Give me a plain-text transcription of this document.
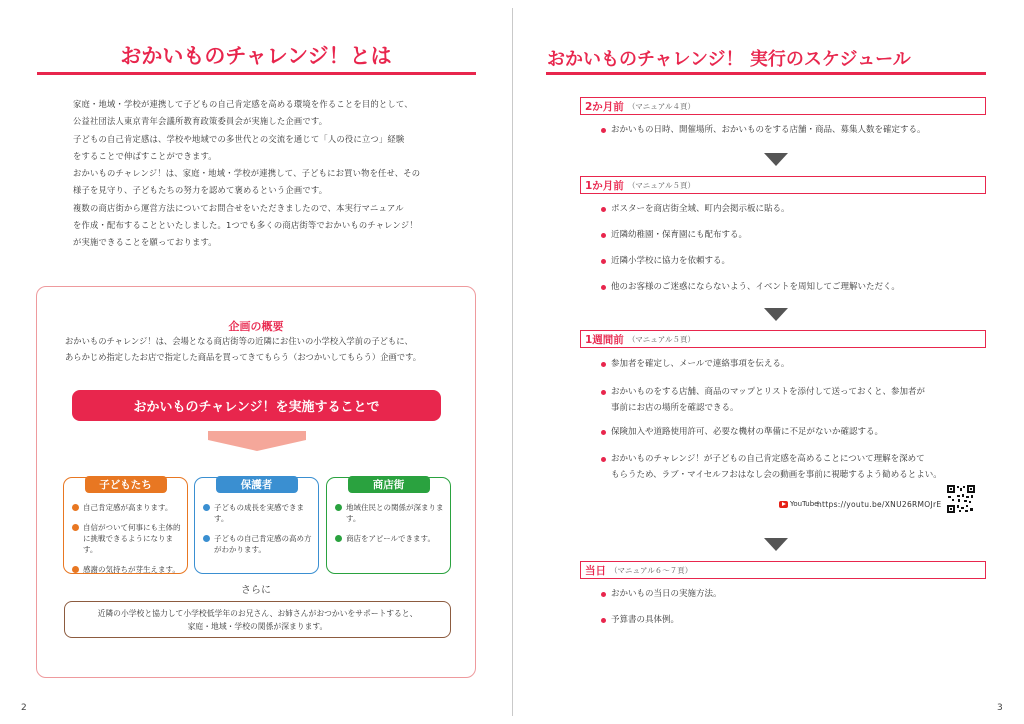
おかいものチャレンジ！とは

家庭・地域・学校が連携して子どもの自己肯定感を高める環境を作ることを目的として、

公益社団法人東京青年会議所教育政策委員会が実施した企画です。

子どもの自己肯定感は、学校や地域での多世代との交流を通じて「人の役に立つ」経験

をすることで伸ばすことができます。

おかいものチャレンジ！は、家庭・地域・学校が連携して、子どもにお買い物を任せ、その

様子を見守り、子どもたちの努力を認めて褒めるという企画です。

複数の商店街から運営方法についてお問合せをいただきましたので、本実行マニュアル

を作成・配布することといたしました。1つでも多くの商店街等でおかいものチャレンジ！

が実施できることを願っております。

企画の概要

おかいものチャレンジ！は、会場となる商店街等の近隣にお住いの小学校入学前の子どもに、

あらかじめ指定したお店で指定した商品を買ってきてもらう（おつかいしてもらう）企画です。

おかいものチャレンジ！を実施することで
子どもたち
自己肯定感が高まります。
自信がついて何事にも主体的に挑戦できるようになります。
感謝の気持ちが芽生えます。
保護者
子どもの成長を実感できます。
子どもの自己肯定感の高め方がわかります。
商店街
地域住民との関係が深まります。
商店をアピールできます。
さらに
近隣の小学校と協力して小学校低学年のお兄さん、お姉さんがおつかいをサポートすると、
家庭・地域・学校の関係が深まります。
2
おかいものチャレンジ！ 実行のスケジュール
2か月前 （マニュアル４頁）
おかいもの日時、開催場所、おかいものをする店舗・商品、募集人数を確定する。
1か月前 （マニュアル５頁）
ポスターを商店街全域、町内会掲示板に貼る。
近隣幼稚園・保育園にも配布する。
近隣小学校に協力を依頼する。
他のお客様のご迷惑にならないよう、イベントを周知してご理解いただく。
1週間前 （マニュアル５頁）
参加者を確定し、メールで連絡事項を伝える。
おかいものをする店舗、商品のマップとリストを添付して送っておくと、参加者が
事前にお店の場所を確認できる。
保険加入や道路使用許可、必要な機材の準備に不足がないか確認する。
おかいものチャレンジ！が子どもの自己肯定感を高めることについて理解を深めて
もらうため、ラブ・マイセルフおはなし会の動画を事前に視聴するよう勧めるとよい。
YouTube
https://youtu.be/XNU26RMOJrE
当日 （マニュアル６〜７頁）
おかいもの当日の実施方法。
予算書の具体例。
3
